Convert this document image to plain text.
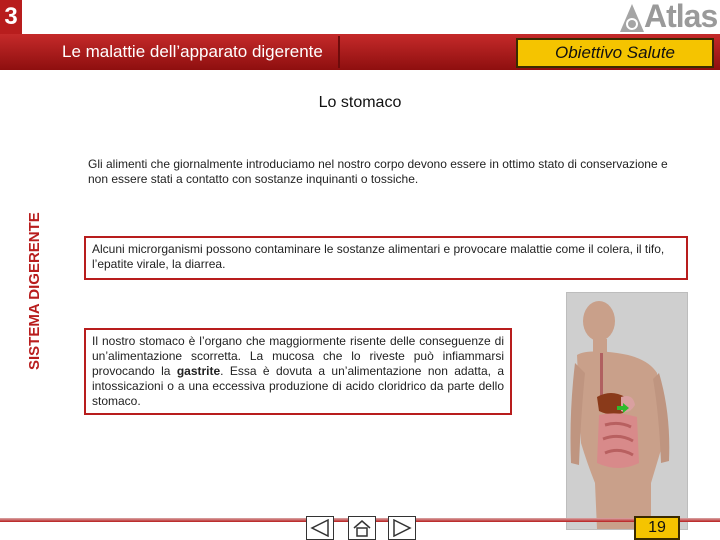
3	Atlas
Le malattie dell’apparato digerente	Obiettivo Salute
SISTEMA DIGERENTE
Lo stomaco
Gli alimenti che giornalmente introduciamo nel nostro corpo devono essere in ottimo stato di conservazione e non essere stati a contatto con sostanze inquinanti o tossiche.
Alcuni microrganismi possono contaminare le sostanze alimentari e provocare malattie come il colera, il tifo, l’epatite virale, la diarrea.
Il nostro stomaco è l’organo che maggiormente risente delle conseguenze di un’alimentazione scorretta. La mucosa che lo riveste può infiammarsi provocando la gastrite. Essa è dovuta a un’alimentazione non adatta, a intossicazioni o a una eccessiva produzione di acido cloridrico da parte dello stomaco.
19
